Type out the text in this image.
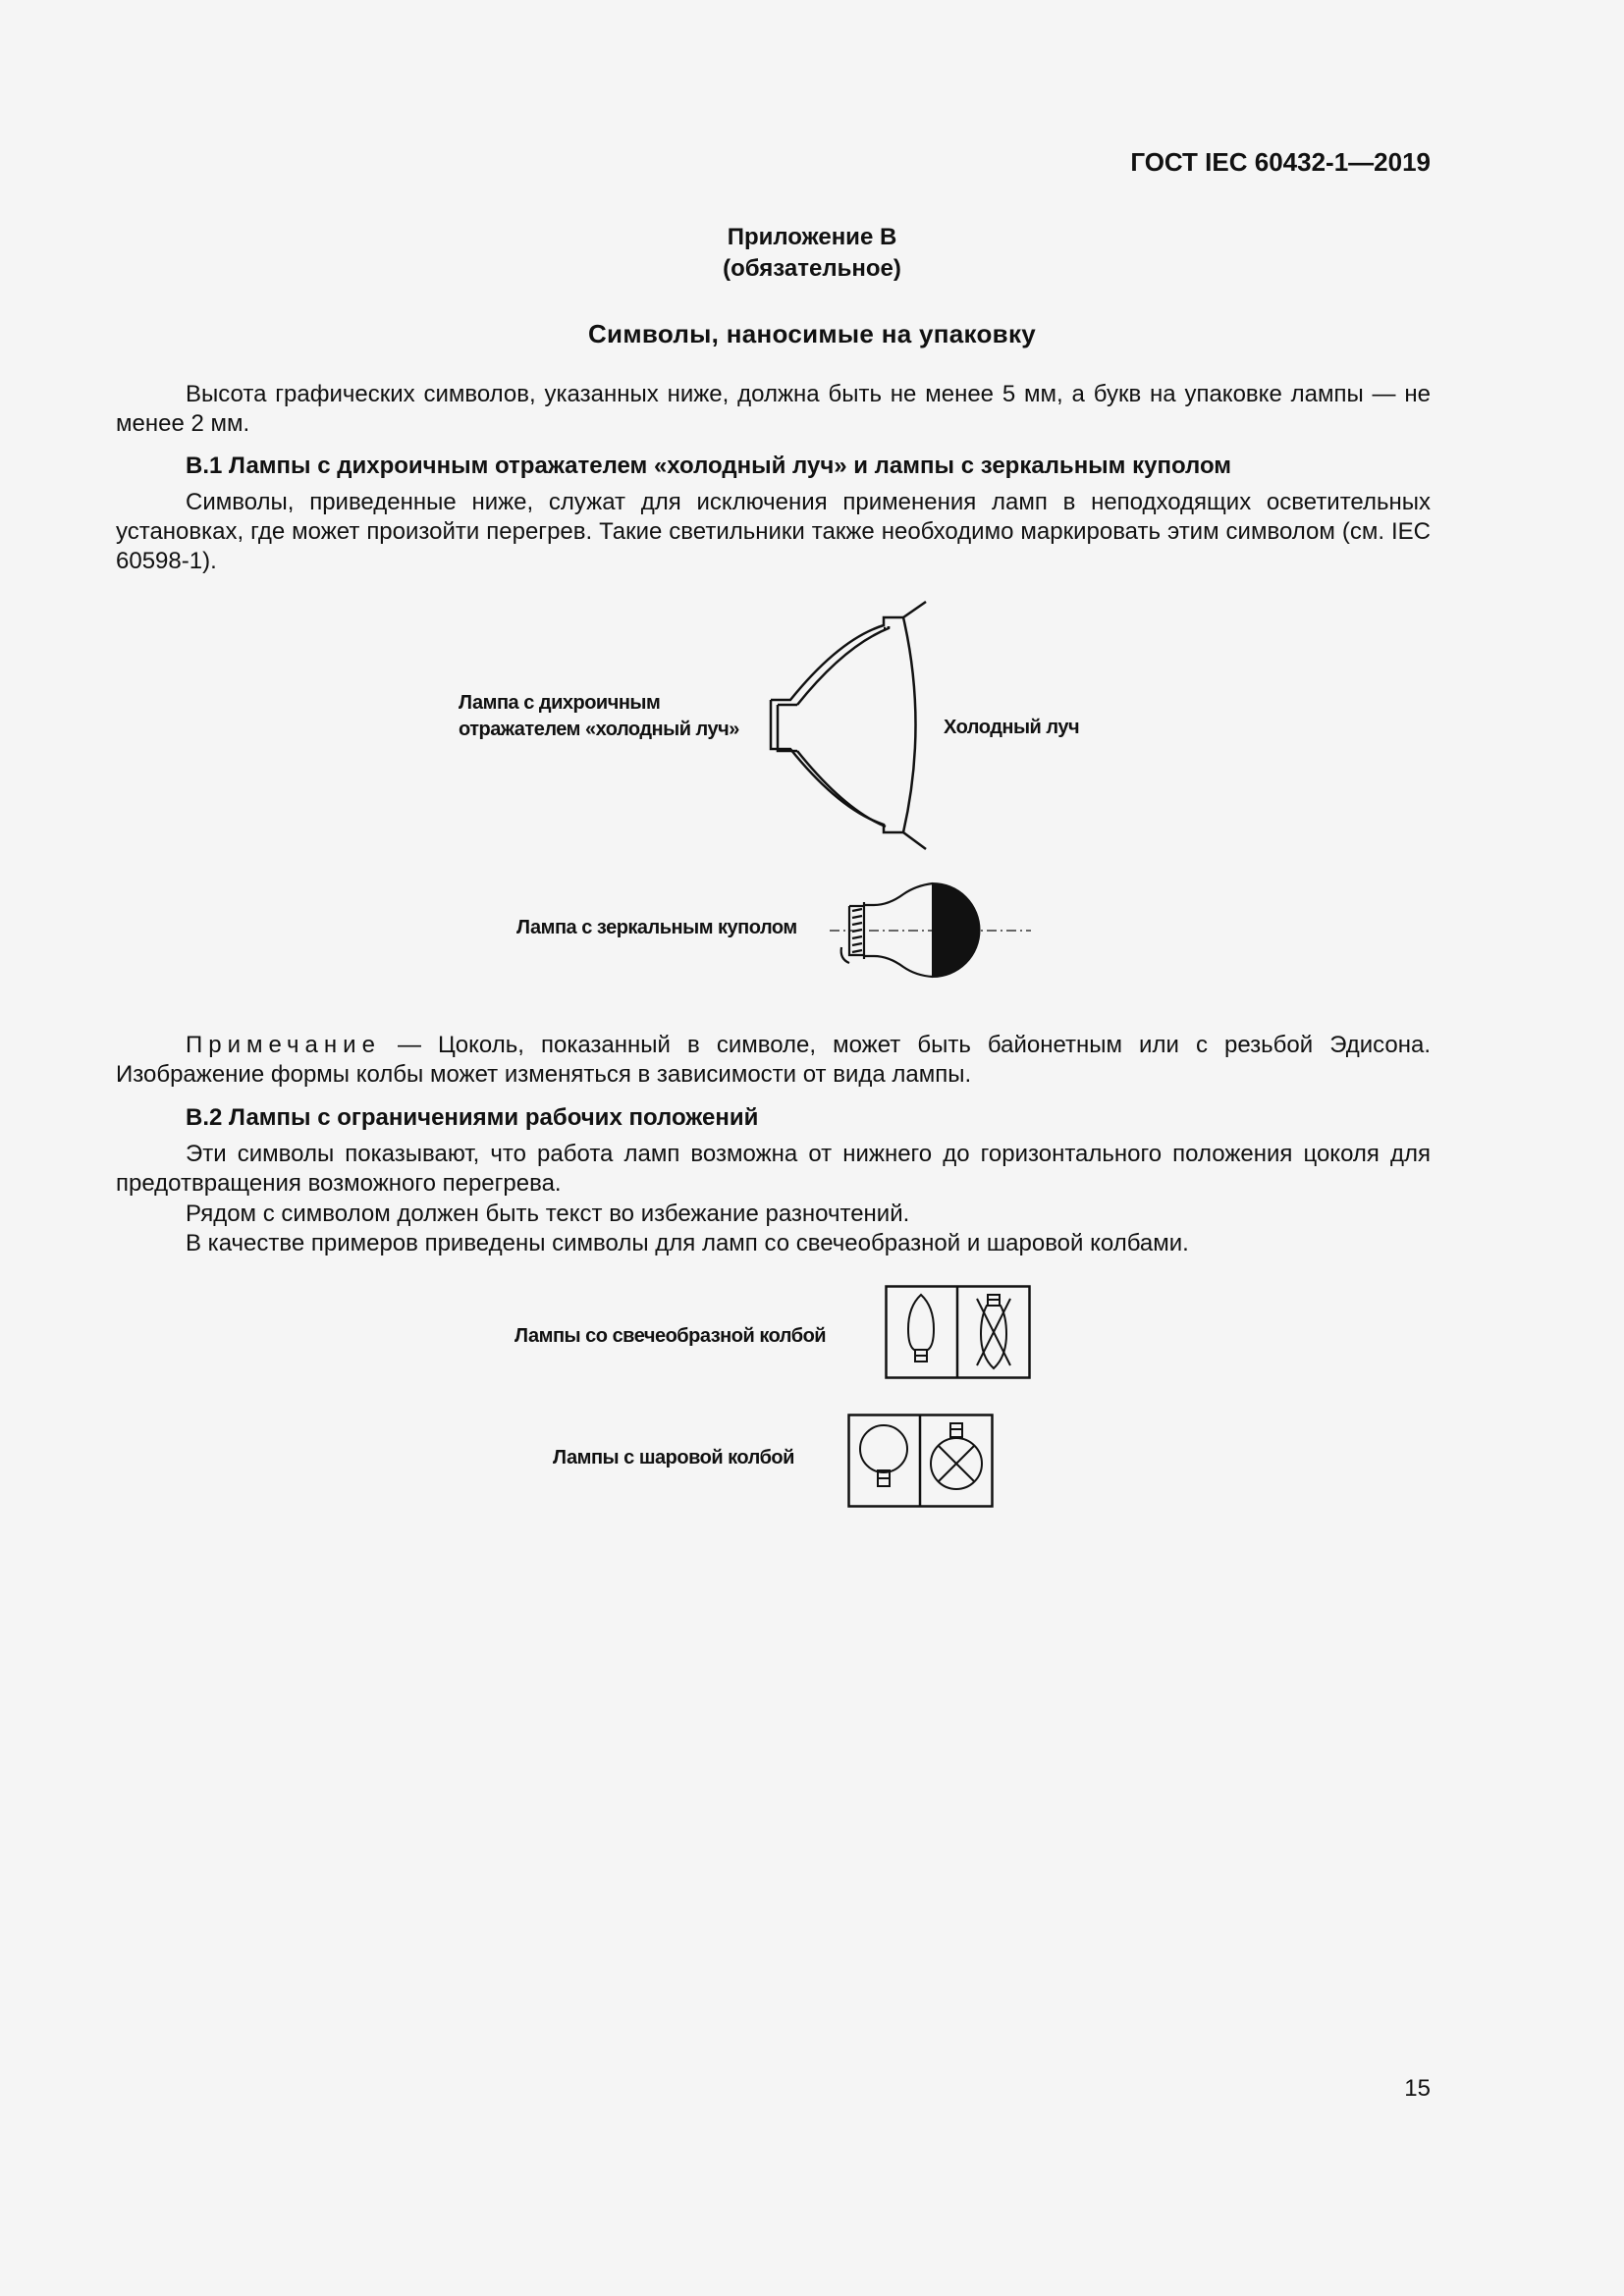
ГОСТ IEC 60432-1—2019
Приложение В
(обязательное)
Символы, наносимые на упаковку

Высота графических символов, указанных ниже, должна быть не менее 5 мм, а букв на упаковке лампы — не менее 2 мм.

В.1 Лампы с дихроичным отражателем «холодный луч» и лампы с зеркальным куполом

Символы, приведенные ниже, служат для исключения применения ламп в неподходящих осветительных установках, где может произойти перегрев. Такие светильники также необходимо маркировать этим символом (см. IEC 60598-1).

Лампа с дихроичным
отражателем «холодный луч»	Холодный луч
Лампа с зеркальным куполом

Примечание — Цоколь, показанный в символе, может быть байонетным или с резьбой Эдисона. Изображение формы колбы может изменяться в зависимости от вида лампы.

В.2 Лампы с ограничениями рабочих положений

Эти символы показывают, что работа ламп возможна от нижнего до горизонтального положения цоколя для предотвращения возможного перегрева.

Рядом с символом должен быть текст во избежание разночтений.

В качестве примеров приведены символы для ламп со свечеобразной и шаровой колбами.

Лампы со свечеобразной колбой
Лампы с шаровой колбой
15
